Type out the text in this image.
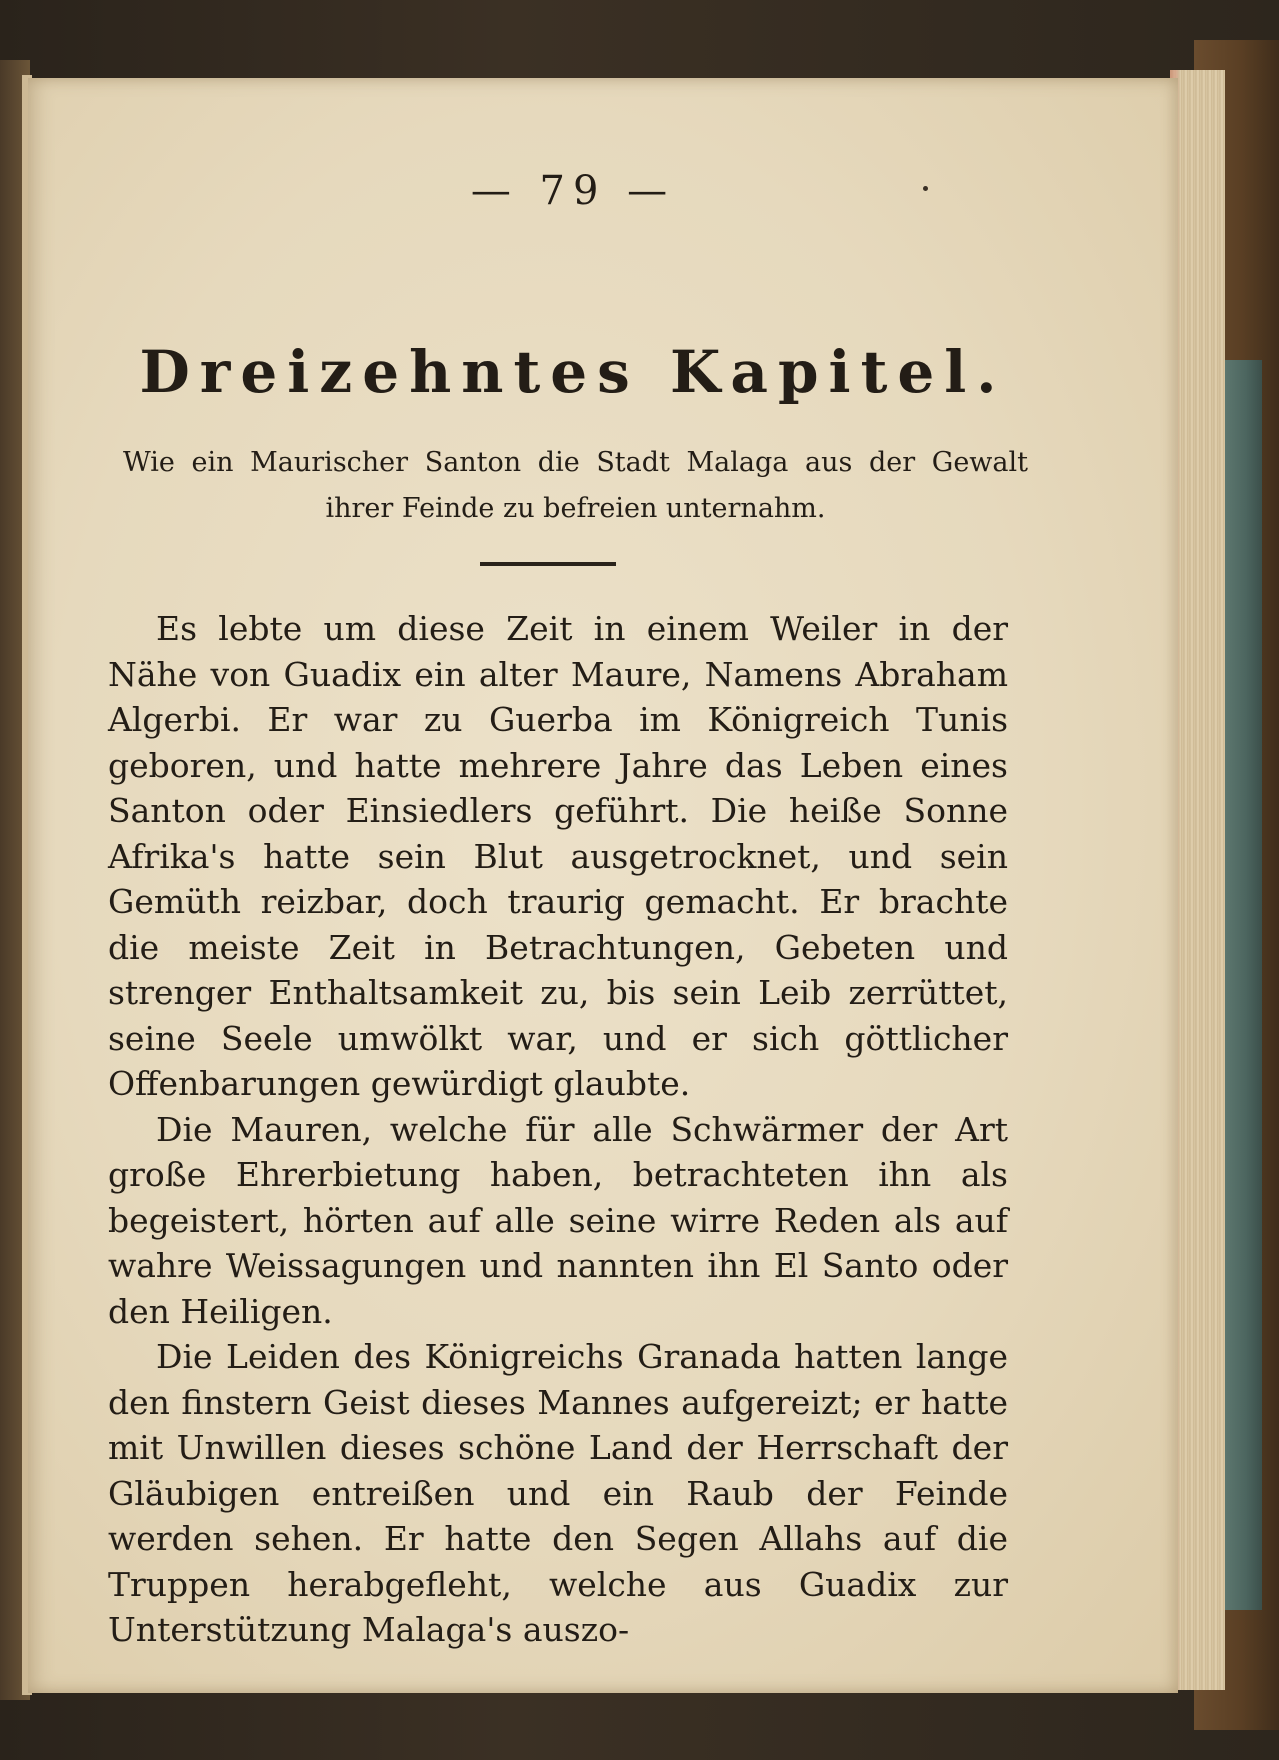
— 79 —
Dreizehntes Kapitel.
Wie ein Maurischer Santon die Stadt Malaga aus der Gewalt ihrer Feinde zu befreien unternahm.

Es lebte um diese Zeit in einem Weiler in der Nähe von Guadix ein alter Maure, Namens Abraham Algerbi. Er war zu Guerba im Königreich Tunis geboren, und hatte mehrere Jahre das Leben eines Santon oder Einsiedlers geführt. Die heiße Sonne Afrika's hatte sein Blut ausgetrocknet, und sein Gemüth reizbar, doch traurig gemacht. Er brachte die meiste Zeit in Betrachtungen, Gebeten und strenger Enthaltsamkeit zu, bis sein Leib zerrüttet, seine Seele umwölkt war, und er sich göttlicher Offenbarungen gewürdigt glaubte.

Die Mauren, welche für alle Schwärmer der Art große Ehrerbietung haben, betrachteten ihn als begeistert, hörten auf alle seine wirre Reden als auf wahre Weissagungen und nannten ihn El Santo oder den Heiligen.

Die Leiden des Königreichs Granada hatten lange den finstern Geist dieses Mannes aufgereizt; er hatte mit Unwillen dieses schöne Land der Herrschaft der Gläubigen entreißen und ein Raub der Feinde werden sehen. Er hatte den Segen Allahs auf die Truppen herabgefleht, welche aus Guadix zur Unterstützung Malaga's auszo-
